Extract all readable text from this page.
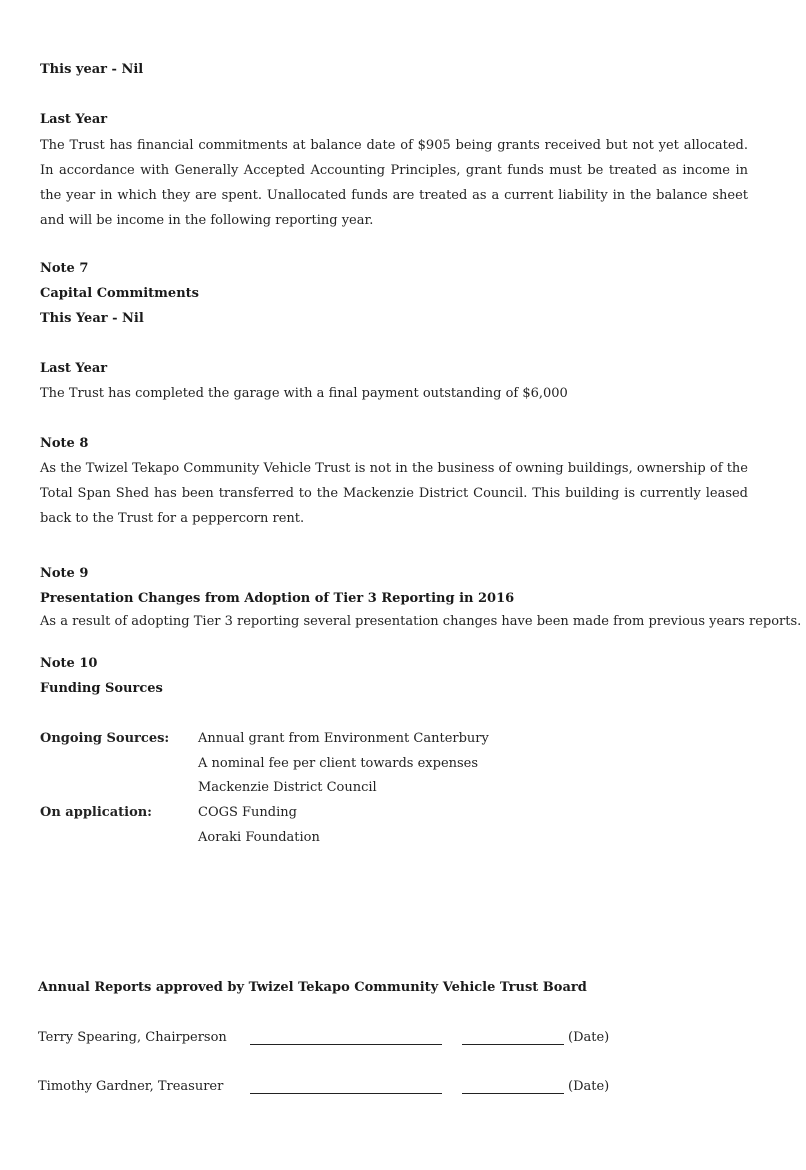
This year - Nil
Last Year
The Trust has financial commitments at balance date of $905 being grants received but not yet allocated. In accordance with Generally Accepted Accounting Principles, grant funds must be treated as income in the year in which they are spent. Unallocated funds are treated as a current liability in the balance sheet and will be income in the following reporting year.
Note 7
Capital Commitments
This Year - Nil
Last Year
The Trust has completed the garage with a final payment outstanding of $6,000
Note 8
As the Twizel Tekapo Community Vehicle Trust is not in the business of owning buildings, ownership of the Total Span Shed has been transferred to the Mackenzie District Council. This building is currently leased back to the Trust for a peppercorn rent.
Note 9
Presentation Changes from Adoption of Tier 3 Reporting in 2016
As a result of adopting Tier 3 reporting several presentation changes have been made from previous years reports.
Note 10
Funding Sources
Ongoing Sources: Annual grant from Environment Canterbury
A nominal fee per client towards expenses
Mackenzie District Council
On application:	COGS Funding
Aoraki Foundation
Annual Reports approved by Twizel Tekapo Community Vehicle Trust Board
Terry Spearing, Chairperson	(Date)
Timothy Gardner, Treasurer	(Date)
